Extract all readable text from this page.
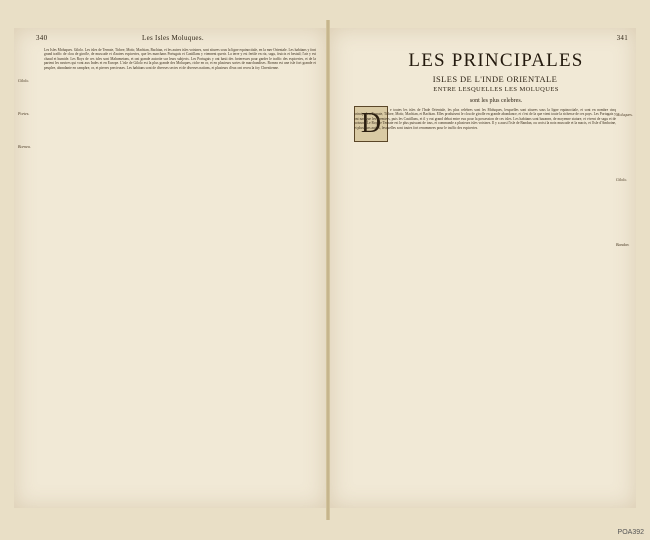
340	Les Isles Moluques.
Gilolo.
Portes.
Bornea.
Les Isles Moluques. Gilolo. Les isles de Ternate, Tidore, Motir, Machian, Bachian, et les autres isles voisines, sont situees sous la ligne equinoctiale, en la mer Orientale. Les habitans y font grand traffic de clou de girofle, de muscade et d'autres espiceries, que les marchans Portugais et Castillans y viennent querir. La terre y est fertile en riz, sagu, fruicts et bestail; l'air y est chaud et humide. Les Roys de ces isles sont Mahometans, et ont grande autorite sur leurs subjects. Les Portugais y ont basti des forteresses pour garder le traffic des espiceries, et de la partent les navires qui vont aux Indes et en Europe. L'isle de Gilolo est la plus grande des Moluques, riche en or, et en plusieurs sortes de marchandises. Bornea est une isle fort grande et peuplee, abondante en camphre, or, et pierres precieuses. Les habitans sont de diverses sectes et de diverses nations, et plusieurs d'eux ont receu la foy Chrestienne.
341
LES PRINCIPALES
ISLES DE L'INDE ORIENTALE
ENTRE LESQUELLES LES MOLUQUES
sont les plus celebres.
D	Moluques.
Gilolo.
Bandan.
e toutes les isles de l'Inde Orientale, les plus celebres sont les Moluques, lesquelles sont situees sous la ligne equinoctiale, et sont en nombre cinq principales, Ternate, Tidore, Motir, Machian, et Bachian. Elles produisent le clou de girofle en grande abondance, et c'est de la que vient toute la richesse de ces pays. Les Portugais y ont navigue les premiers, puis les Castillans, et il y eut grand debat entre eux pour la possession de ces isles. Les habitans sont bazanez, de moyenne stature, et vivent de sagu et de poisson. Le Roy de Ternate est le plus puissant de tous, et commande a plusieurs isles voisines. Il y a aussi l'isle de Bandan, ou croist la noix muscade et la macis, et l'isle d'Amboine, et plusieurs autres, lesquelles sont toutes fort renommees pour le traffic des espiceries.
POA392
